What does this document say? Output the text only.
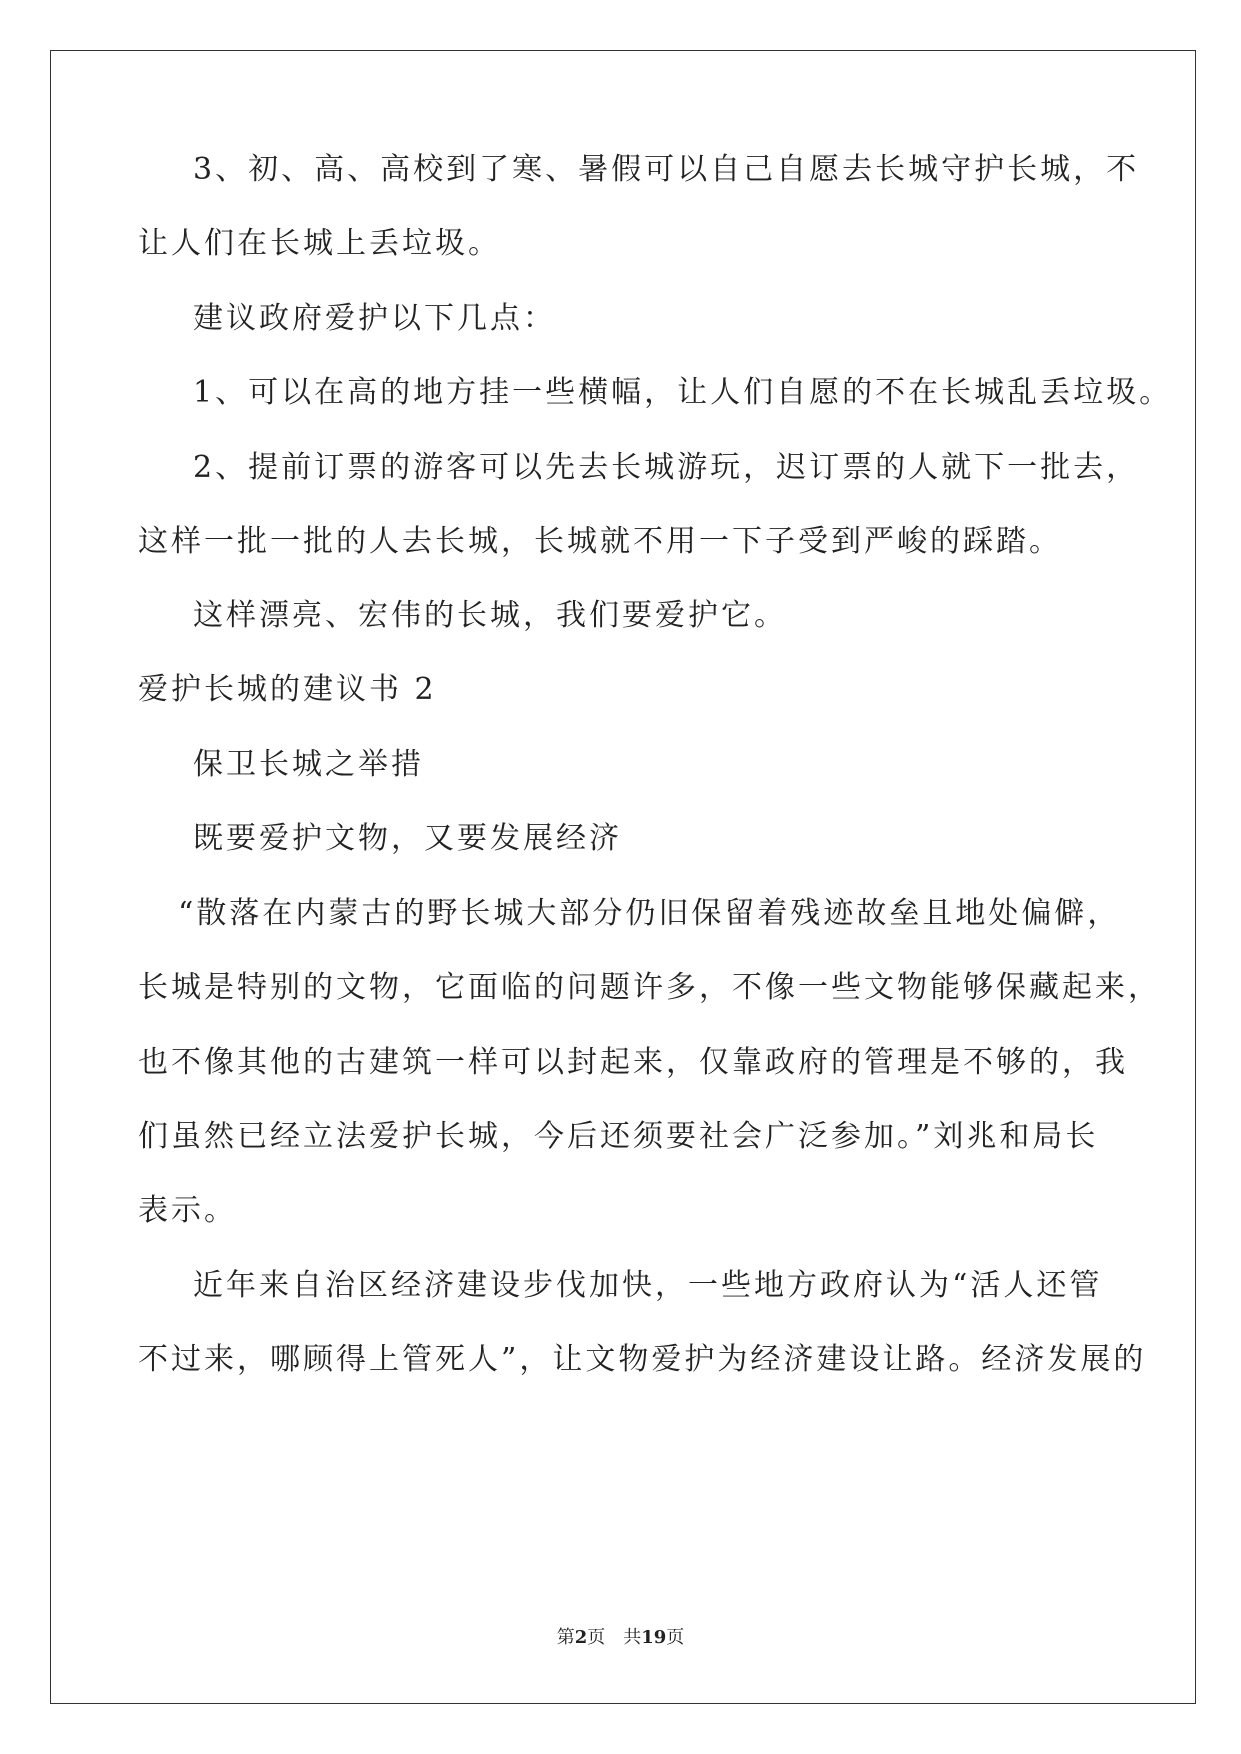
3、初、高、高校到了寒、暑假可以自己自愿去长城守护长城，不
让人们在长城上丢垃圾。
建议政府爱护以下几点：
1、可以在高的地方挂一些横幅，让人们自愿的不在长城乱丢垃圾。
2、提前订票的游客可以先去长城游玩，迟订票的人就下一批去，
这样一批一批的人去长城，长城就不用一下子受到严峻的踩踏。
这样漂亮、宏伟的长城，我们要爱护它。
爱护长城的建议书 2
保卫长城之举措
既要爱护文物，又要发展经济
“散落在内蒙古的野长城大部分仍旧保留着残迹故垒且地处偏僻，
长城是特别的文物，它面临的问题许多，不像一些文物能够保藏起来，
也不像其他的古建筑一样可以封起来，仅靠政府的管理是不够的，我
们虽然已经立法爱护长城，今后还须要社会广泛参加。”刘兆和局长
表示。
近年来自治区经济建设步伐加快，一些地方政府认为“活人还管
不过来，哪顾得上管死人”，让文物爱护为经济建设让路。经济发展的
第2页 共19页
